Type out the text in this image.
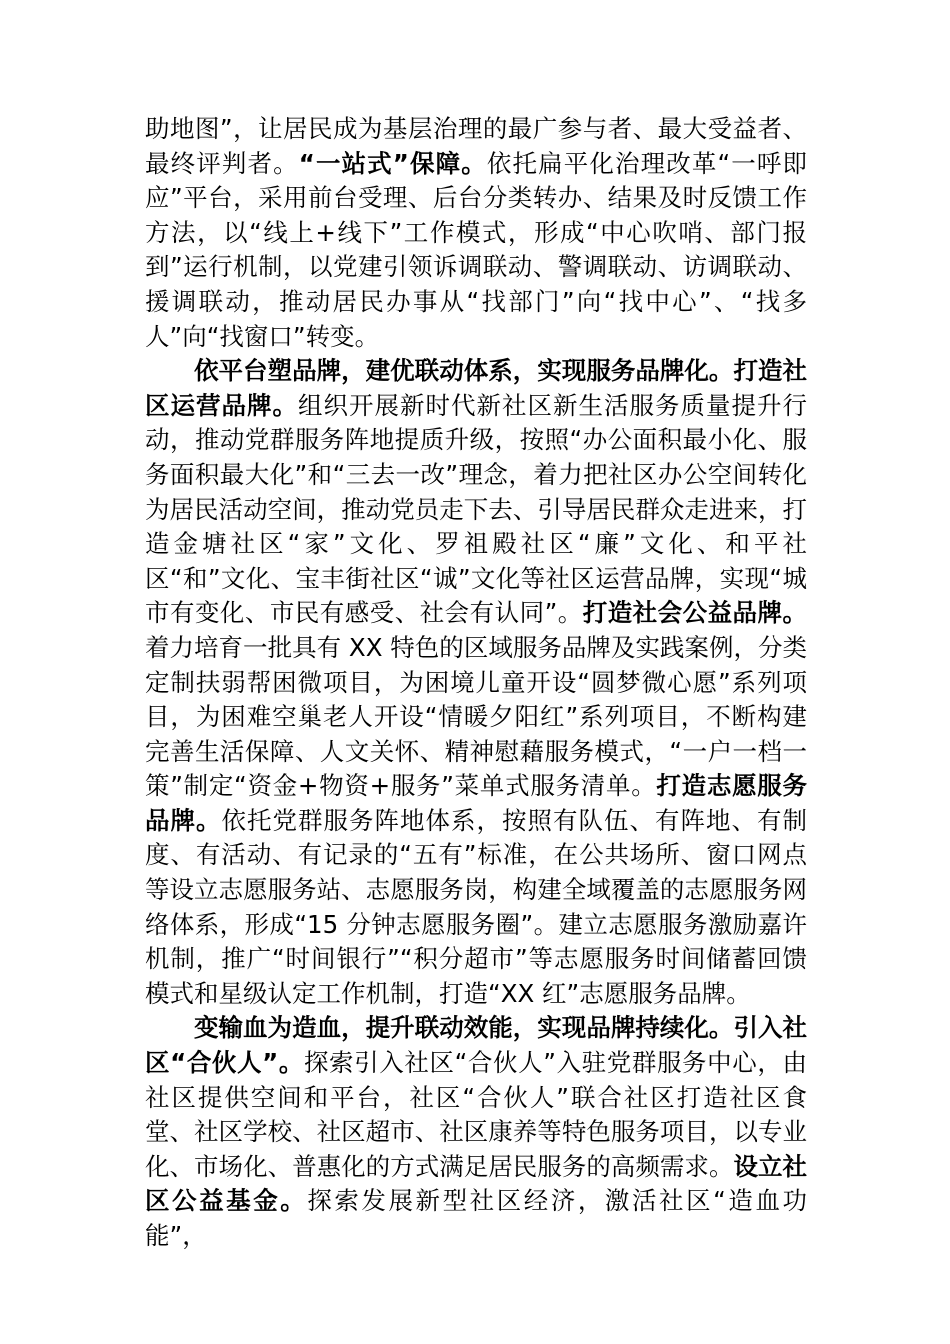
助地图”，让居民成为基层治理的最广参与者、最大受益者、最终评判者。“一站式”保障。依托扁平化治理改革“一呼即应”平台，采用前台受理、后台分类转办、结果及时反馈工作方法，以“线上+线下”工作模式，形成“中心吹哨、部门报到”运行机制，以党建引领诉调联动、警调联动、访调联动、援调联动，推动居民办事从“找部门”向“找中心”、“找多人”向“找窗口”转变。

依平台塑品牌，建优联动体系，实现服务品牌化。打造社区运营品牌。组织开展新时代新社区新生活服务质量提升行动，推动党群服务阵地提质升级，按照“办公面积最小化、服务面积最大化”和“三去一改”理念，着力把社区办公空间转化为居民活动空间，推动党员走下去、引导居民群众走进来，打造金塘社区“家”文化、罗祖殿社区“廉”文化、和平社区“和”文化、宝丰街社区“诚”文化等社区运营品牌，实现“城市有变化、市民有感受、社会有认同”。打造社会公益品牌。着力培育一批具有 XX 特色的区域服务品牌及实践案例，分类定制扶弱帮困微项目，为困境儿童开设“圆梦微心愿”系列项目，为困难空巢老人开设“情暖夕阳红”系列项目，不断构建完善生活保障、人文关怀、精神慰藉服务模式，“一户一档一策”制定“资金+物资+服务”菜单式服务清单。打造志愿服务品牌。依托党群服务阵地体系，按照有队伍、有阵地、有制度、有活动、有记录的“五有”标准，在公共场所、窗口网点等设立志愿服务站、志愿服务岗，构建全域覆盖的志愿服务网络体系，形成“15 分钟志愿服务圈”。建立志愿服务激励嘉许机制，推广“时间银行”“积分超市”等志愿服务时间储蓄回馈模式和星级认定工作机制，打造“XX 红”志愿服务品牌。

变输血为造血，提升联动效能，实现品牌持续化。引入社区“合伙人”。探索引入社区“合伙人”入驻党群服务中心，由社区提供空间和平台，社区“合伙人”联合社区打造社区食堂、社区学校、社区超市、社区康养等特色服务项目，以专业化、市场化、普惠化的方式满足居民服务的高频需求。设立社区公益基金。探索发展新型社区经济，激活社区“造血功能”，
